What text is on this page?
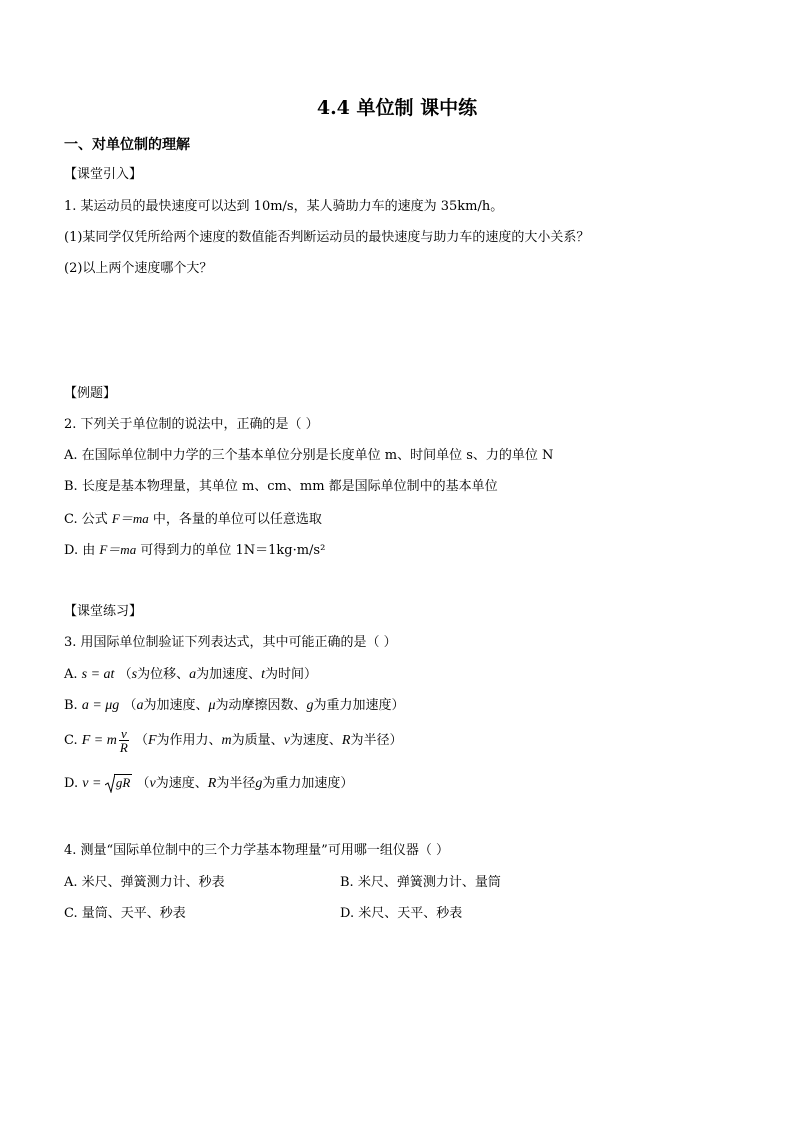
4.4 单位制 课中练
一、对单位制的理解
【课堂引入】
1. 某运动员的最快速度可以达到 10m/s，某人骑助力车的速度为 35km/h。
(1)某同学仅凭所给两个速度的数值能否判断运动员的最快速度与助力车的速度的大小关系？
(2)以上两个速度哪个大？
【例题】
2. 下列关于单位制的说法中，正确的是（ ）
A. 在国际单位制中力学的三个基本单位分别是长度单位 m、时间单位 s、力的单位 N
B. 长度是基本物理量，其单位 m、cm、mm 都是国际单位制中的基本单位
C. 公式 F＝ma 中，各量的单位可以任意选取
D. 由 F＝ma 可得到力的单位 1N＝1kg·m/s²
【课堂练习】
3. 用国际单位制验证下列表达式，其中可能正确的是（ ）
A. s = at （s为位移、a为加速度、t为时间）
B. a = μg （a为加速度、μ为动摩擦因数、g为重力加速度）
C. F = m $\frac{v}{R} (F$为作用力、m为质量、v为速度、R为半径）
D. v =
gR （v为速度、R为半径g为重力加速度）
4. 测量“国际单位制中的三个力学基本物理量”可用哪一组仪器（ ）
A. 米尺、弹簧测力计、秒表	B. 米尺、弹簧测力计、量筒
C. 量筒、天平、秒表	D. 米尺、天平、秒表
